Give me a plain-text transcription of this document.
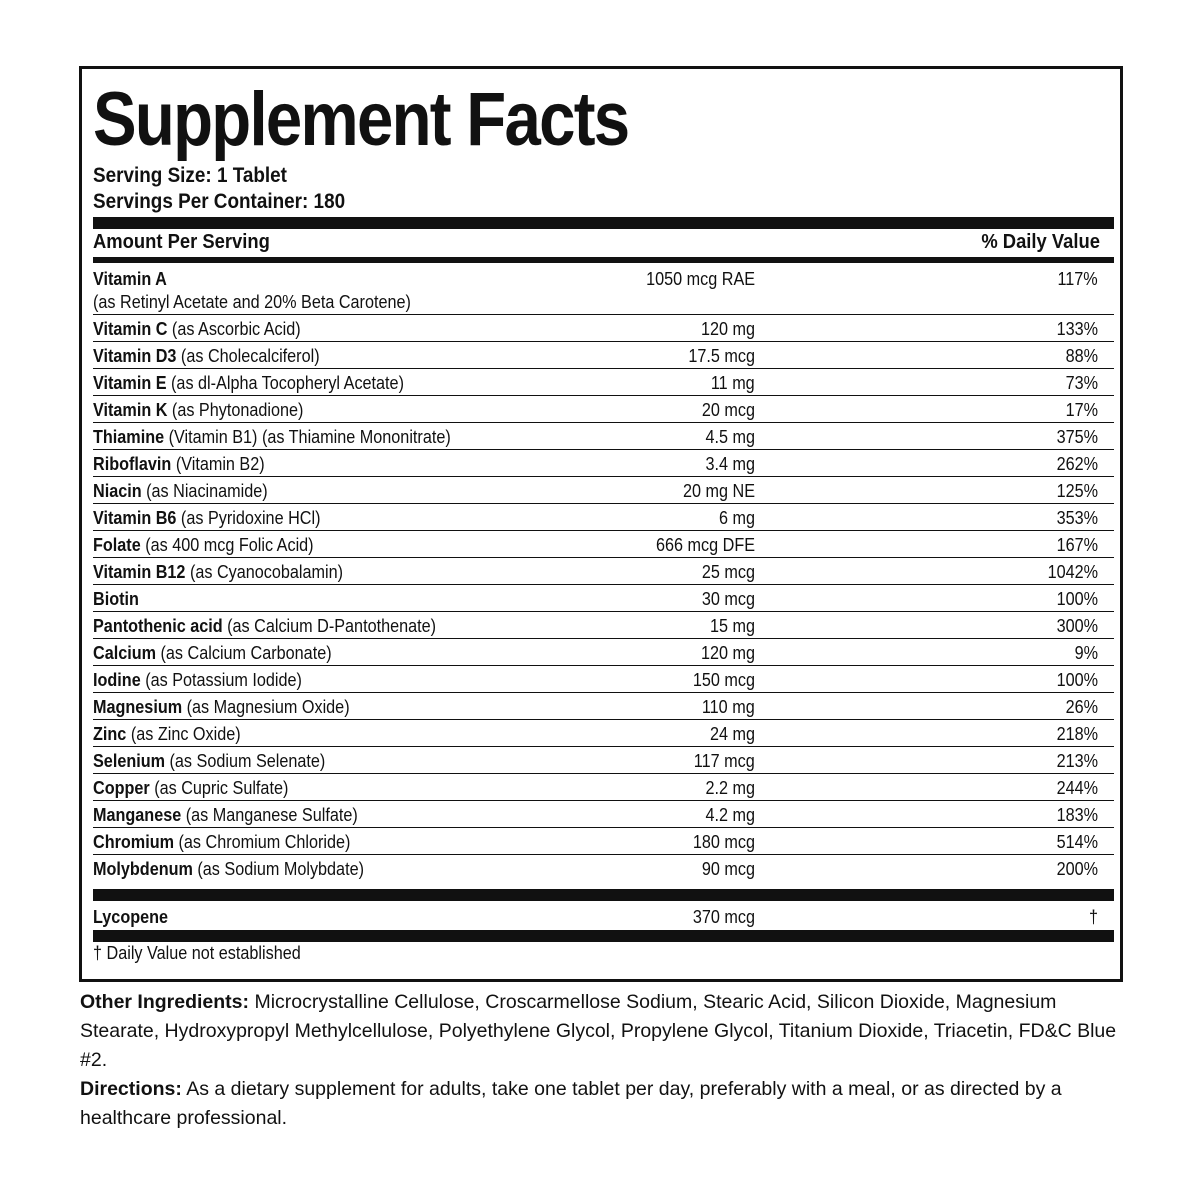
Supplement Facts
Serving Size: 1 Tablet
Servings Per Container: 180
Amount Per Serving	% Daily Value
Vitamin A
(as Retinyl Acetate and 20% Beta Carotene)
1050 mcg RAE	117%
Vitamin C (as Ascorbic Acid)	120 mg	133%
Vitamin D3 (as Cholecalciferol)	17.5 mcg	88%
Vitamin E (as dl-Alpha Tocopheryl Acetate)	11 mg	73%
Vitamin K (as Phytonadione)	20 mcg	17%
Thiamine (Vitamin B1) (as Thiamine Mononitrate)	4.5 mg	375%
Riboflavin (Vitamin B2)	3.4 mg	262%
Niacin (as Niacinamide)	20 mg NE	125%
Vitamin B6 (as Pyridoxine HCl)	6 mg	353%
Folate (as 400 mcg Folic Acid)	666 mcg DFE	167%
Vitamin B12 (as Cyanocobalamin)	25 mcg	1042%
Biotin	30 mcg	100%
Pantothenic acid (as Calcium D-Pantothenate)	15 mg	300%
Calcium (as Calcium Carbonate)	120 mg	9%
Iodine (as Potassium Iodide)	150 mcg	100%
Magnesium (as Magnesium Oxide)	110 mg	26%
Zinc (as Zinc Oxide)	24 mg	218%
Selenium (as Sodium Selenate)	117 mcg	213%
Copper (as Cupric Sulfate)	2.2 mg	244%
Manganese (as Manganese Sulfate)	4.2 mg	183%
Chromium (as Chromium Chloride)	180 mcg	514%
Molybdenum (as Sodium Molybdate)	90 mcg	200%
Lycopene	370 mcg	†
† Daily Value not established
Other Ingredients: Microcrystalline Cellulose, Croscarmellose Sodium, Stearic Acid, Silicon Dioxide, Magnesium Stearate, Hydroxypropyl Methylcellulose, Polyethylene Glycol, Propylene Glycol, Titanium Dioxide, Triacetin, FD&C Blue #2.
Directions: As a dietary supplement for adults, take one tablet per day, preferably with a meal, or as directed by a healthcare professional.
